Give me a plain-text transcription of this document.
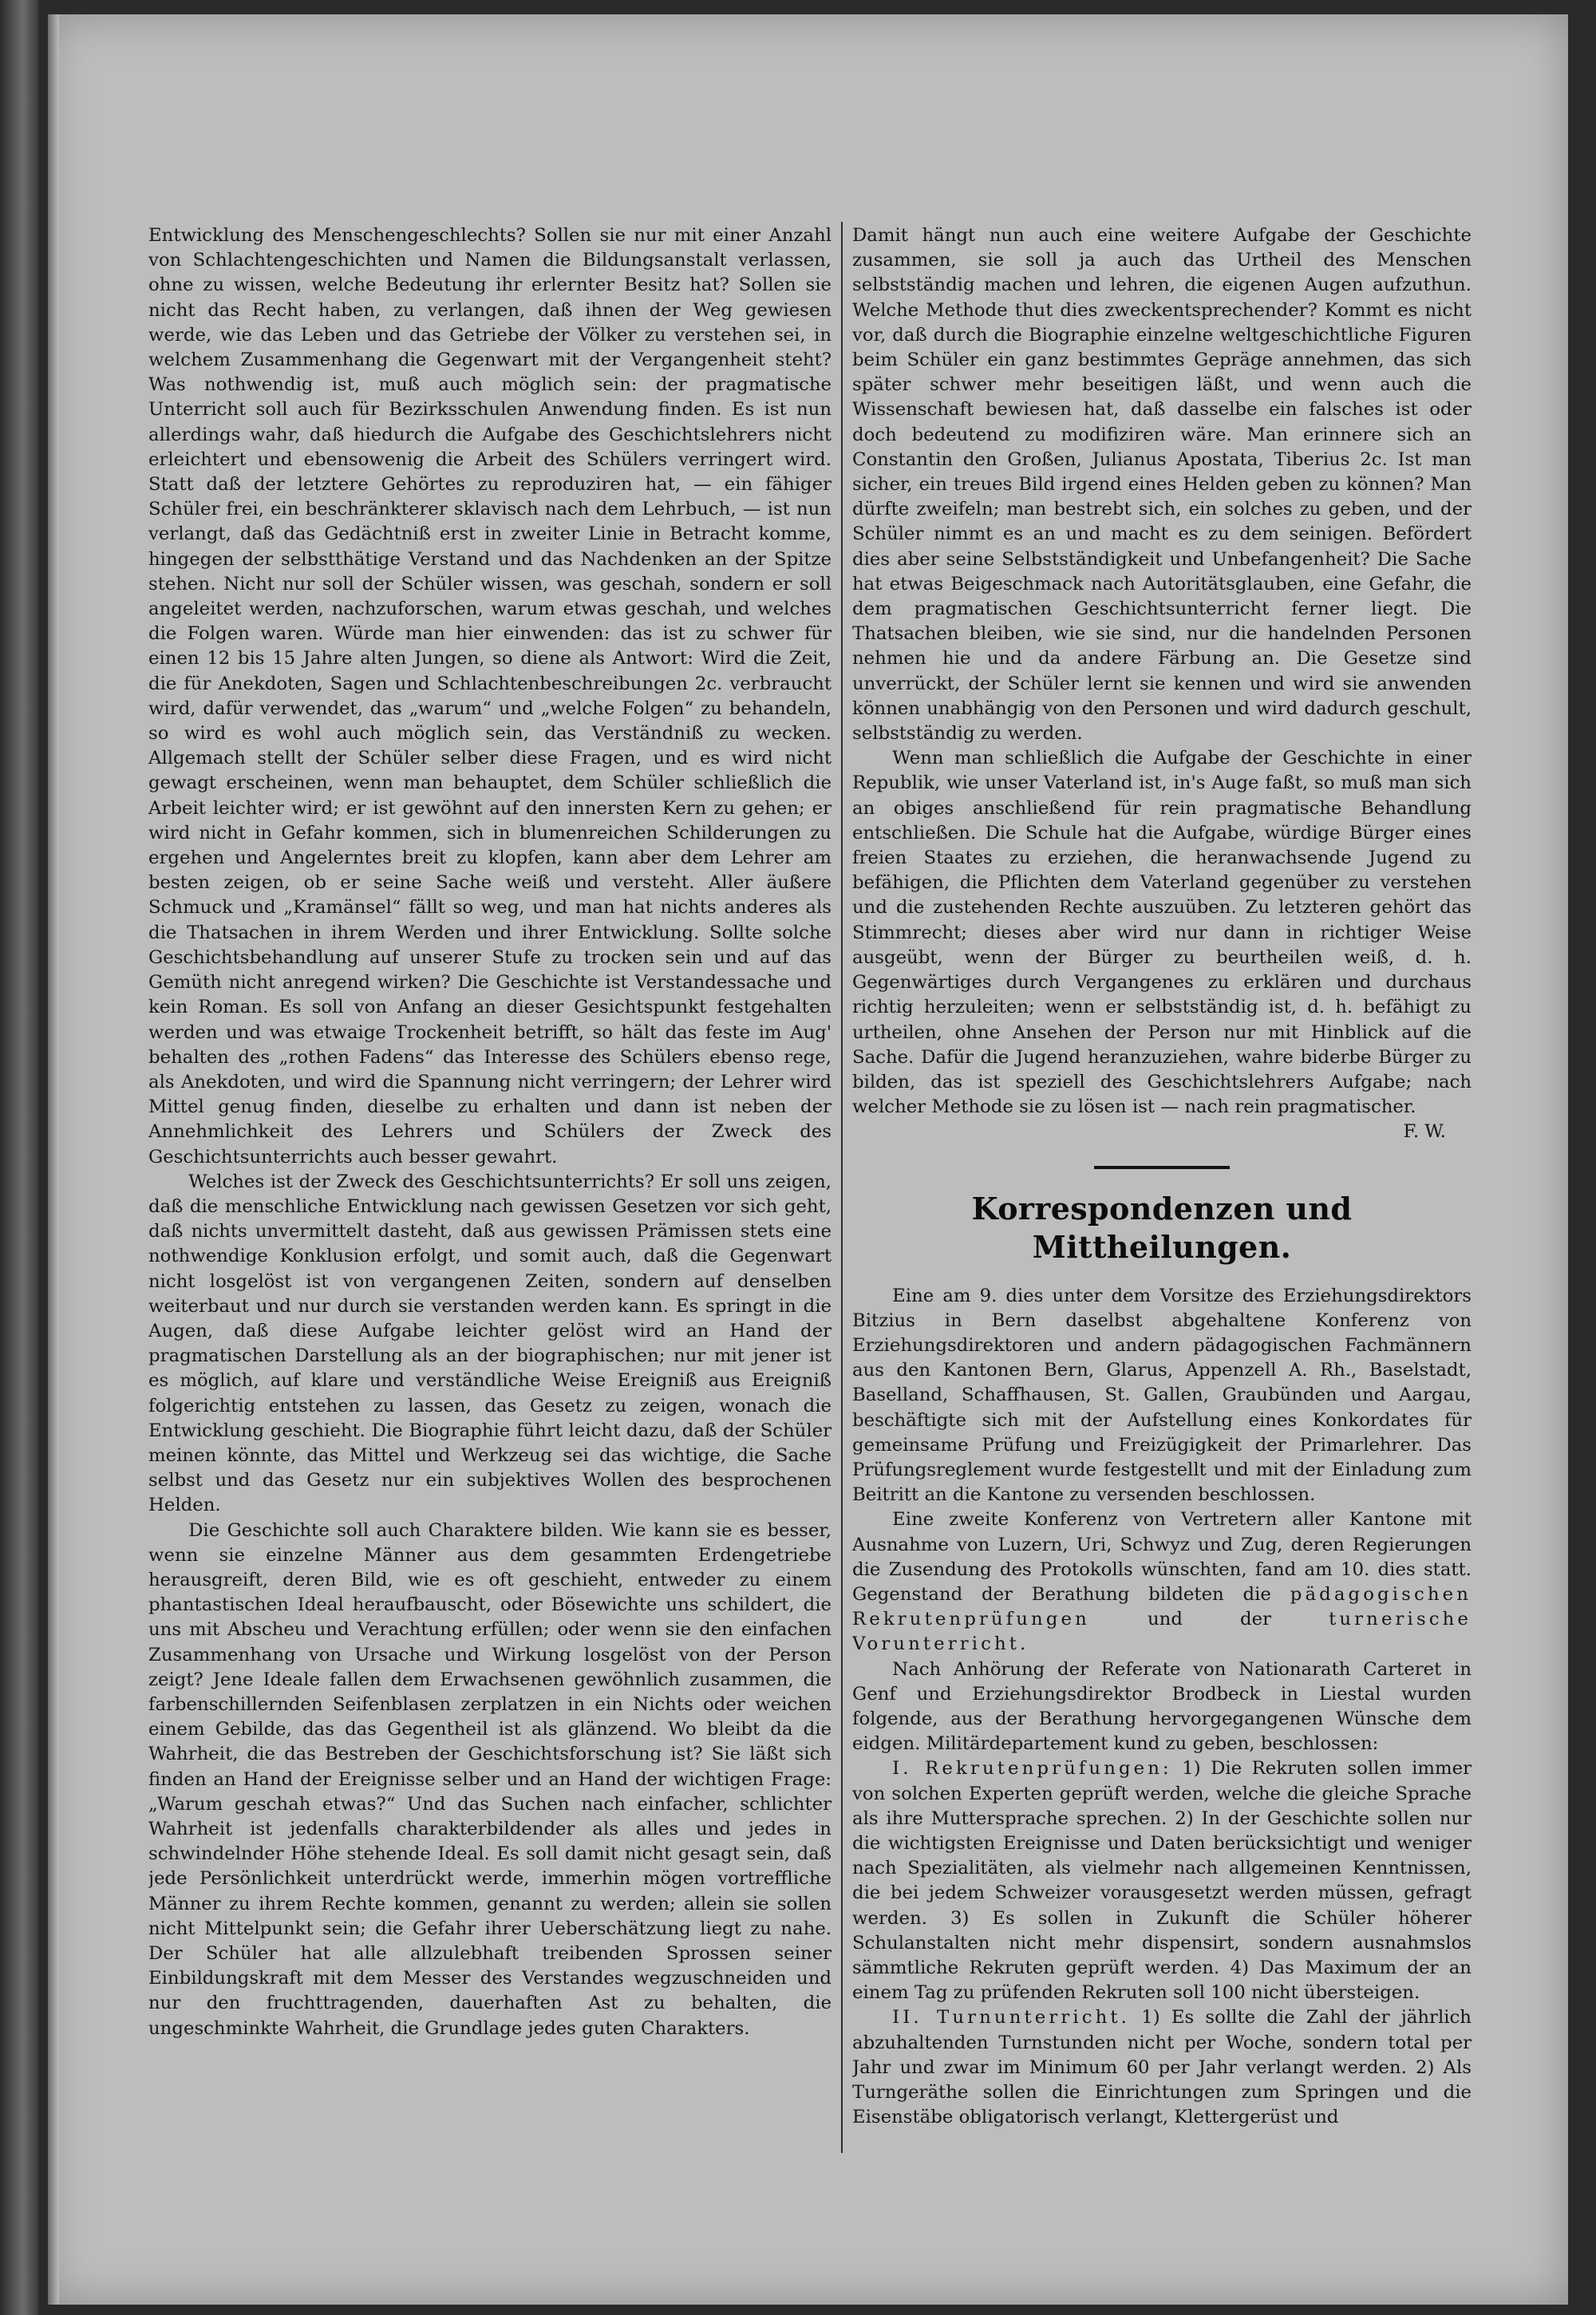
Entwicklung des Menschengeschlechts? Sollen sie nur mit einer Anzahl von Schlachtengeschichten und Namen die Bildungsanstalt verlassen, ohne zu wissen, welche Bedeutung ihr erlernter Besitz hat? Sollen sie nicht das Recht haben, zu verlangen, daß ihnen der Weg gewiesen werde, wie das Leben und das Getriebe der Völker zu verstehen sei, in welchem Zusammenhang die Gegenwart mit der Vergangenheit steht? Was nothwendig ist, muß auch möglich sein: der pragmatische Unterricht soll auch für Bezirksschulen Anwendung finden. Es ist nun allerdings wahr, daß hiedurch die Aufgabe des Geschichtslehrers nicht erleichtert und ebensowenig die Arbeit des Schülers verringert wird. Statt daß der letztere Gehörtes zu reproduziren hat, — ein fähiger Schüler frei, ein beschränkterer sklavisch nach dem Lehrbuch, — ist nun verlangt, daß das Gedächtniß erst in zweiter Linie in Betracht komme, hingegen der selbstthätige Verstand und das Nachdenken an der Spitze stehen. Nicht nur soll der Schüler wissen, was geschah, sondern er soll angeleitet werden, nachzuforschen, warum etwas geschah, und welches die Folgen waren. Würde man hier einwenden: das ist zu schwer für einen 12 bis 15 Jahre alten Jungen, so diene als Antwort: Wird die Zeit, die für Anekdoten, Sagen und Schlachtenbeschreibungen 2c. verbraucht wird, dafür verwendet, das „warum“ und „welche Folgen“ zu behandeln, so wird es wohl auch möglich sein, das Verständniß zu wecken. Allgemach stellt der Schüler selber diese Fragen, und es wird nicht gewagt erscheinen, wenn man behauptet, dem Schüler schließlich die Arbeit leichter wird; er ist gewöhnt auf den innersten Kern zu gehen; er wird nicht in Gefahr kommen, sich in blumenreichen Schilderungen zu ergehen und Angelerntes breit zu klopfen, kann aber dem Lehrer am besten zeigen, ob er seine Sache weiß und versteht. Aller äußere Schmuck und „Kramänsel“ fällt so weg, und man hat nichts anderes als die Thatsachen in ihrem Werden und ihrer Entwicklung. Sollte solche Geschichtsbehandlung auf unserer Stufe zu trocken sein und auf das Gemüth nicht anregend wirken? Die Geschichte ist Verstandessache und kein Roman. Es soll von Anfang an dieser Gesichtspunkt festgehalten werden und was etwaige Trockenheit betrifft, so hält das feste im Aug' behalten des „rothen Fadens“ das Interesse des Schülers ebenso rege, als Anekdoten, und wird die Spannung nicht verringern; der Lehrer wird Mittel genug finden, dieselbe zu erhalten und dann ist neben der Annehmlichkeit des Lehrers und Schülers der Zweck des Geschichtsunterrichts auch besser gewahrt.

Welches ist der Zweck des Geschichtsunterrichts? Er soll uns zeigen, daß die menschliche Entwicklung nach gewissen Gesetzen vor sich geht, daß nichts unvermittelt dasteht, daß aus gewissen Prämissen stets eine nothwendige Konklusion erfolgt, und somit auch, daß die Gegenwart nicht losgelöst ist von vergangenen Zeiten, sondern auf denselben weiterbaut und nur durch sie verstanden werden kann. Es springt in die Augen, daß diese Aufgabe leichter gelöst wird an Hand der pragmatischen Darstellung als an der biographischen; nur mit jener ist es möglich, auf klare und verständliche Weise Ereigniß aus Ereigniß folgerichtig entstehen zu lassen, das Gesetz zu zeigen, wonach die Entwicklung geschieht. Die Biographie führt leicht dazu, daß der Schüler meinen könnte, das Mittel und Werkzeug sei das wichtige, die Sache selbst und das Gesetz nur ein subjektives Wollen des besprochenen Helden.

Die Geschichte soll auch Charaktere bilden. Wie kann sie es besser, wenn sie einzelne Männer aus dem gesammten Erdengetriebe herausgreift, deren Bild, wie es oft geschieht, entweder zu einem phantastischen Ideal heraufbauscht, oder Bösewichte uns schildert, die uns mit Abscheu und Verachtung erfüllen; oder wenn sie den einfachen Zusammenhang von Ursache und Wirkung losgelöst von der Person zeigt? Jene Ideale fallen dem Erwachsenen gewöhnlich zusammen, die farbenschillernden Seifenblasen zerplatzen in ein Nichts oder weichen einem Gebilde, das das Gegentheil ist als glänzend. Wo bleibt da die Wahrheit, die das Bestreben der Geschichtsforschung ist? Sie läßt sich finden an Hand der Ereignisse selber und an Hand der wichtigen Frage: „Warum geschah etwas?“ Und das Suchen nach einfacher, schlichter Wahrheit ist jedenfalls charakterbildender als alles und jedes in schwindelnder Höhe stehende Ideal. Es soll damit nicht gesagt sein, daß jede Persönlichkeit unterdrückt werde, immerhin mögen vortreffliche Männer zu ihrem Rechte kommen, genannt zu werden; allein sie sollen nicht Mittelpunkt sein; die Gefahr ihrer Ueberschätzung liegt zu nahe. Der Schüler hat alle allzulebhaft treibenden Sprossen seiner Einbildungskraft mit dem Messer des Verstandes wegzuschneiden und nur den fruchttragenden, dauerhaften Ast zu behalten, die ungeschminkte Wahrheit, die Grundlage jedes guten Charakters.

Damit hängt nun auch eine weitere Aufgabe der Geschichte zusammen, sie soll ja auch das Urtheil des Menschen selbstständig machen und lehren, die eigenen Augen aufzuthun. Welche Methode thut dies zweckentsprechender? Kommt es nicht vor, daß durch die Biographie einzelne weltgeschichtliche Figuren beim Schüler ein ganz bestimmtes Gepräge annehmen, das sich später schwer mehr beseitigen läßt, und wenn auch die Wissenschaft bewiesen hat, daß dasselbe ein falsches ist oder doch bedeutend zu modifiziren wäre. Man erinnere sich an Constantin den Großen, Julianus Apostata, Tiberius 2c. Ist man sicher, ein treues Bild irgend eines Helden geben zu können? Man dürfte zweifeln; man bestrebt sich, ein solches zu geben, und der Schüler nimmt es an und macht es zu dem seinigen. Befördert dies aber seine Selbstständigkeit und Unbefangenheit? Die Sache hat etwas Beigeschmack nach Autoritätsglauben, eine Gefahr, die dem pragmatischen Geschichtsunterricht ferner liegt. Die Thatsachen bleiben, wie sie sind, nur die handelnden Personen nehmen hie und da andere Färbung an. Die Gesetze sind unverrückt, der Schüler lernt sie kennen und wird sie anwenden können unabhängig von den Personen und wird dadurch geschult, selbstständig zu werden.

Wenn man schließlich die Aufgabe der Geschichte in einer Republik, wie unser Vaterland ist, in's Auge faßt, so muß man sich an obiges anschließend für rein pragmatische Behandlung entschließen. Die Schule hat die Aufgabe, würdige Bürger eines freien Staates zu erziehen, die heranwachsende Jugend zu befähigen, die Pflichten dem Vaterland gegenüber zu verstehen und die zustehenden Rechte auszuüben. Zu letzteren gehört das Stimmrecht; dieses aber wird nur dann in richtiger Weise ausgeübt, wenn der Bürger zu beurtheilen weiß, d. h. Gegenwärtiges durch Vergangenes zu erklären und durchaus richtig herzuleiten; wenn er selbstständig ist, d. h. befähigt zu urtheilen, ohne Ansehen der Person nur mit Hinblick auf die Sache. Dafür die Jugend heranzuziehen, wahre biderbe Bürger zu bilden, das ist speziell des Geschichtslehrers Aufgabe; nach welcher Methode sie zu lösen ist — nach rein pragmatischer.

F. W.

Korrespondenzen und Mittheilungen.

Eine am 9. dies unter dem Vorsitze des Erziehungsdirektors Bitzius in Bern daselbst abgehaltene Konferenz von Erziehungsdirektoren und andern pädagogischen Fachmännern aus den Kantonen Bern, Glarus, Appenzell A. Rh., Baselstadt, Baselland, Schaffhausen, St. Gallen, Graubünden und Aargau, beschäftigte sich mit der Aufstellung eines Konkordates für gemeinsame Prüfung und Freizügigkeit der Primarlehrer. Das Prüfungsreglement wurde festgestellt und mit der Einladung zum Beitritt an die Kantone zu versenden beschlossen.

Eine zweite Konferenz von Vertretern aller Kantone mit Ausnahme von Luzern, Uri, Schwyz und Zug, deren Regierungen die Zusendung des Protokolls wünschten, fand am 10. dies statt. Gegenstand der Berathung bildeten die pädagogischen Rekrutenprüfungen	und der	turnerische Vorunterricht.

Nach Anhörung der Referate von Nationarath Carteret in Genf und Erziehungsdirektor Brodbeck in Liestal wurden folgende, aus der Berathung hervorgegangenen Wünsche dem eidgen. Militärdepartement kund zu geben, beschlossen:

I. Rekrutenprüfungen: 1) Die Rekruten sollen immer von solchen Experten geprüft werden, welche die gleiche Sprache als ihre Muttersprache sprechen. 2) In der Geschichte sollen nur die wichtigsten Ereignisse und Daten berücksichtigt und weniger nach Spezialitäten, als vielmehr nach allgemeinen Kenntnissen, die bei jedem Schweizer vorausgesetzt werden müssen, gefragt werden. 3) Es sollen in Zukunft die Schüler höherer Schulanstalten nicht mehr dispensirt, sondern ausnahmslos sämmtliche Rekruten geprüft werden. 4) Das Maximum der an einem Tag zu prüfenden Rekruten soll 100 nicht übersteigen.

II. Turnunterricht. 1) Es sollte die Zahl der jährlich abzuhaltenden Turnstunden nicht per Woche, sondern total per Jahr und zwar im Minimum 60 per Jahr verlangt werden. 2) Als Turngeräthe sollen die Einrichtungen zum Springen und die Eisenstäbe obligatorisch verlangt, Klettergerüst und
